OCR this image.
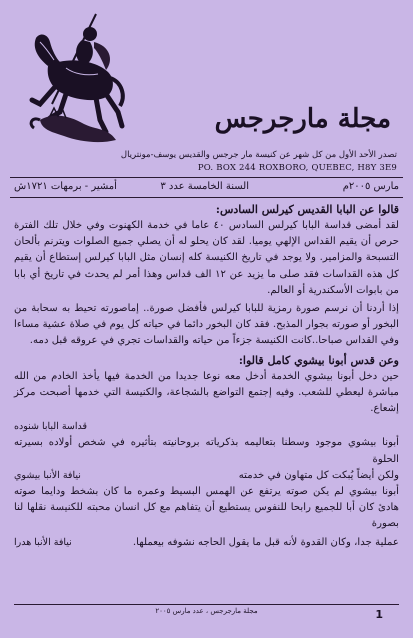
مجلة مارجرجس
تصدر الأحد الأول من كل شهر عن كنيسة مار جرجس والقديس يوسف-مونتريال
PO. BOX 244 ROXBORO, QUEBEC, H8Y 3E9
مارس ٢٠٠٥م
السنة الخامسة عدد ٣
أمشير - برمهات ١٧٢١ش
قالوا عن البابا القديس كيرلس السادس:

لقد أمضى قداسة البابا كيرلس السادس ٤٠ عاما في خدمة الكهنوت وفي خلال تلك الفترة حرص أن يقيم القداس الإلهي يوميا. لقد كان يحلو له أن يصلي جميع الصلوات ويترنم بألحان التسبحة والمزامير. ولا يوجد في تاريخ الكنيسة كله إنسان مثل البابا كيرلس إستطاع أن يقيم كل هذه القداسات فقد صلى ما يزيد عن ١٢ الف قداس وهذا أمر لم يحدث في تاريخ أي بابا من بابوات الأسكندرية أو العالم.

إذا أردنا أن نرسم صورة رمزية للبابا كيرلس فأفضل صورة.. إماصورته تحيط به سحابة من البخور أو صورته بجوار المذبح. فقد كان البخور دائما في حياته كل يوم في صلاة عشية مساءا وفي القداس صباحا..كانت الكنيسة جزءاً من حياته والقداسات تجري في عروقه قبل دمه.

وعن قدس أبونا بيشوي كامل قالوا:

حين دخل أبونا بيشوي الخدمة أدخل معه نوعا جديدا من الخدمة فيها يأخذ الخادم من الله مباشرة ليعطي للشعب. وفيه إجتمع التواضع بالشجاعة، والكنيسة التي خدمها أصبحت مركز إشعاع.

قداسة البابا شنوده
أبونا بيشوي موجود وسطنا بتعاليمه بذكرياته بروحانيته بتأثيره في شخص أولاده بسيرته الحلوة
ولكن أيضاً يُبكت كل متهاون في خدمته
نيافة الأنبا بيشوي

أبونا بيشوي لم يكن صوته يرتفع عن الهمس البسيط وعمره ما كان بشخط ودايما صوته هادئ كان أبا للجميع رابحا للنفوس يستطيع أن يتفاهم مع كل انسان محبته للكنيسة نقلها لنا بصورة

عملية جدا، وكان القدوة لأنه قبل ما يقول الحاجه نشوفه بيعملها.
نيافة الأنبا هدرا
مجلة مارجرجس ، عدد مارس ٢٠٠٥	1
